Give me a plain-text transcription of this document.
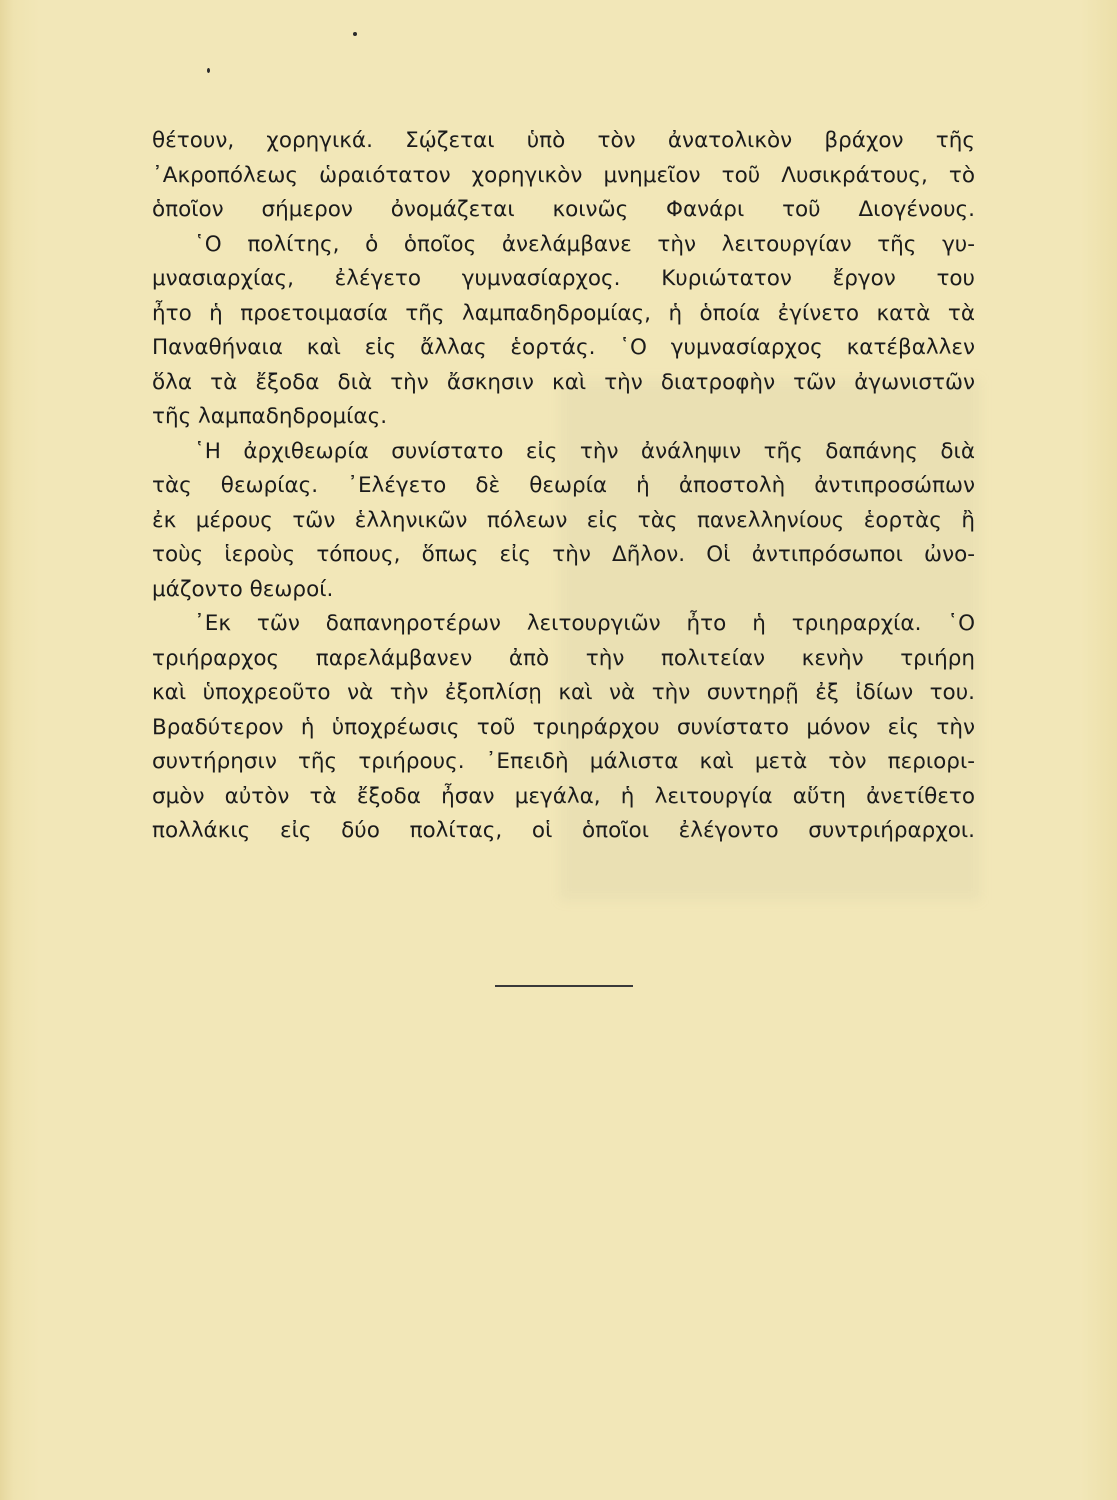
θέτουν, χορηγικά. Σῴζεται ὑπὸ τὸν ἀνατολικὸν βράχον τῆς
᾿Ακροπόλεως ὡραιότατον χορηγικὸν μνημεῖον τοῦ Λυσικράτους, τὸ
ὁποῖον σήμερον ὀνομάζεται κοινῶς Φανάρι τοῦ Διογένους.
῾Ο πολίτης, ὁ ὁποῖος ἀνελάμβανε τὴν λειτουργίαν τῆς γυ-
μνασιαρχίας, ἐλέγετο γυμνασίαρχος. Κυριώτατον ἔργον του
ἦτο ἡ προετοιμασία τῆς λαμπαδηδρομίας, ἡ ὁποία ἐγίνετο κατὰ τὰ
Παναθήναια καὶ εἰς ἄλλας ἑορτάς. ῾Ο γυμνασίαρχος κατέβαλλεν
ὅλα τὰ ἔξοδα διὰ τὴν ἄσκησιν καὶ τὴν διατροφὴν τῶν ἀγωνιστῶν
τῆς λαμπαδηδρομίας.
῾Η ἀρχιθεωρία συνίστατο εἰς τὴν ἀνάληψιν τῆς δαπάνης διὰ
τὰς θεωρίας. ᾿Ελέγετο δὲ θεωρία ἡ ἀποστολὴ ἀντιπροσώπων
ἐκ μέρους τῶν ἑλληνικῶν πόλεων εἰς τὰς πανελληνίους ἑορτὰς ἢ
τοὺς ἱεροὺς τόπους, ὅπως εἰς τὴν Δῆλον. Οἱ ἀντιπρόσωποι ὠνο-
μάζοντο θεωροί.
᾿Εκ τῶν δαπανηροτέρων λειτουργιῶν ἦτο ἡ τριηραρχία. ῾Ο
τριήραρχος παρελάμβανεν ἀπὸ τὴν πολιτείαν κενὴν τριήρη
καὶ ὑποχρεοῦτο νὰ τὴν ἐξοπλίσῃ καὶ νὰ τὴν συντηρῇ ἐξ ἰδίων του.
Βραδύτερον ἡ ὑποχρέωσις τοῦ τριηράρχου συνίστατο μόνον εἰς τὴν
συντήρησιν τῆς τριήρους. ᾿Επειδὴ μάλιστα καὶ μετὰ τὸν περιορι-
σμὸν αὐτὸν τὰ ἔξοδα ἦσαν μεγάλα, ἡ λειτουργία αὕτη ἀνετίθετο
πολλάκις εἰς δύο πολίτας, οἱ ὁποῖοι ἐλέγοντο συντριήραρχοι.
